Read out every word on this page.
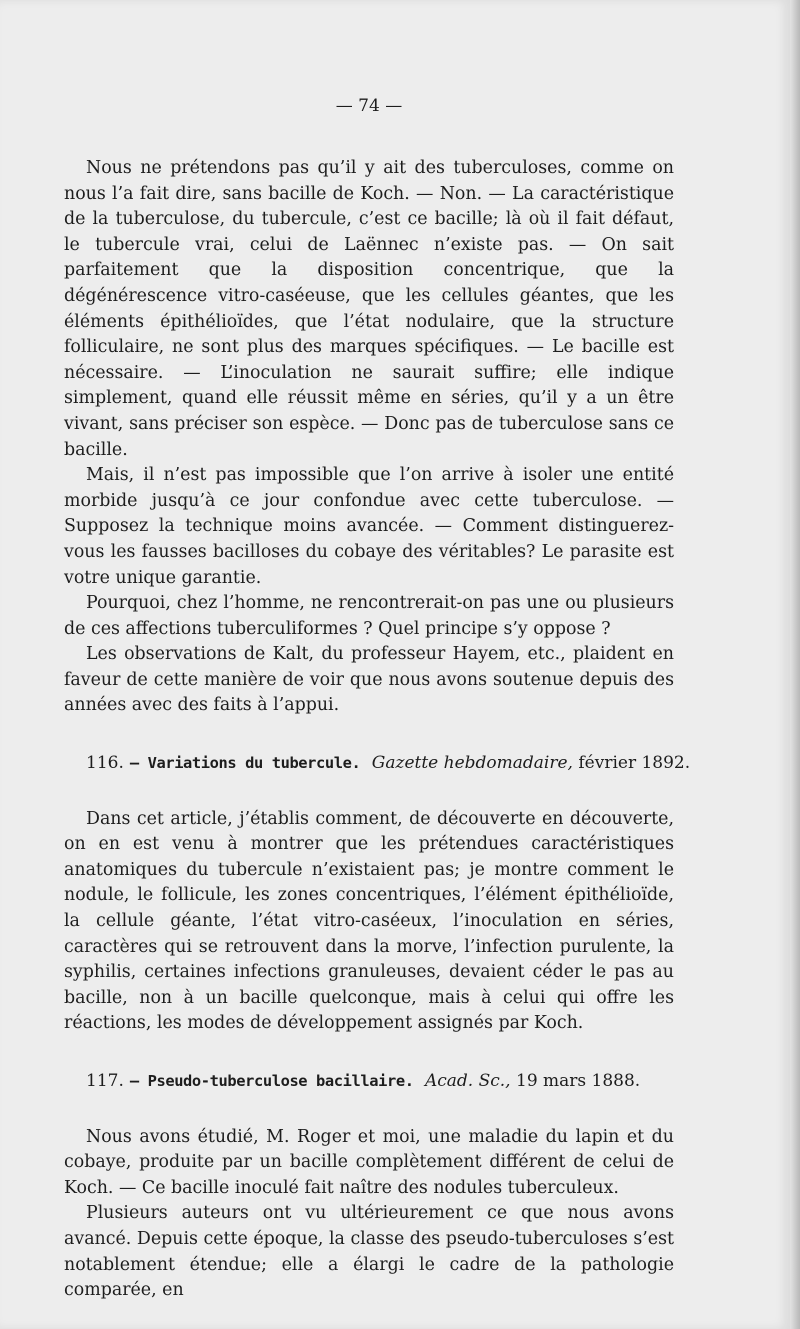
— 74 —

Nous ne prétendons pas qu’il y ait des tuberculoses, comme on nous l’a fait dire, sans bacille de Koch. — Non. — La caractéristique de la tuberculose, du tubercule, c’est ce bacille; là où il fait défaut, le tubercule vrai, celui de Laënnec n’existe pas. — On sait parfaitement que la disposition concentrique, que la dégénérescence vitro-caséeuse, que les cellules géantes, que les éléments épithélioïdes, que l’état nodulaire, que la structure folliculaire, ne sont plus des marques spécifiques. — Le bacille est nécessaire. — L’inoculation ne saurait suffire; elle indique simplement, quand elle réussit même en séries, qu’il y a un être vivant, sans préciser son espèce. — Donc pas de tuberculose sans ce bacille.

Mais, il n’est pas impossible que l’on arrive à isoler une entité morbide jusqu’à ce jour confondue avec cette tuberculose. — Supposez la technique moins avancée. — Comment distinguerez-vous les fausses bacilloses du cobaye des véritables? Le parasite est votre unique garantie.

Pourquoi, chez l’homme, ne rencontrerait-on pas une ou plusieurs de ces affections tuberculiformes ? Quel principe s’y oppose ?

Les observations de Kalt, du professeur Hayem, etc., plaident en faveur de cette manière de voir que nous avons soutenue depuis des années avec des faits à l’appui.

116. — Variations du tubercule. Gazette hebdomadaire, février 1892.

Dans cet article, j’établis comment, de découverte en découverte, on en est venu à montrer que les prétendues caractéristiques anatomiques du tubercule n’existaient pas; je montre comment le nodule, le follicule, les zones concentriques, l’élément épithélioïde, la cellule géante, l’état vitro-caséeux, l’inoculation en séries, caractères qui se retrouvent dans la morve, l’infection purulente, la syphilis, certaines infections granuleuses, devaient céder le pas au bacille, non à un bacille quelconque, mais à celui qui offre les réactions, les modes de développement assignés par Koch.

117. — Pseudo-tuberculose bacillaire. Acad. Sc., 19 mars 1888.

Nous avons étudié, M. Roger et moi, une maladie du lapin et du cobaye, produite par un bacille complètement différent de celui de Koch. — Ce bacille inoculé fait naître des nodules tuberculeux.

Plusieurs auteurs ont vu ultérieurement ce que nous avons avancé. Depuis cette époque, la classe des pseudo-tuberculoses s’est notablement étendue; elle a élargi le cadre de la pathologie comparée, en
